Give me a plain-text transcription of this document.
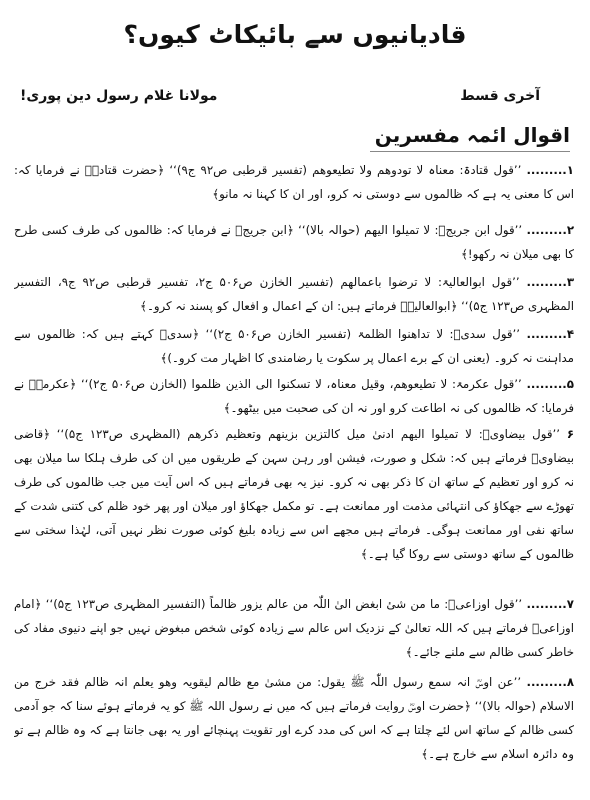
قادیانیوں سے بائیکاٹ کیوں؟
آخری قسط
مولانا غلام رسول دین پوری!
اقوال ائمہ مفسرین
۱......... ’’قول قتادۃ: معناہ لا تودوھم ولا تطیعوھم (تفسیر قرطبی ص۹۲ ج۹)‘‘ ﴿حضرت قتادہؒ نے فرمایا کہ: اس کا معنی یہ ہے کہ ظالموں سے دوستی نہ کرو، اور ان کا کہنا نہ مانو﴾
۲......... ’’قول ابن جریجؒ: لا تمیلوا الیھم (حوالہ بالا)‘‘ ﴿ابن جریجؒ نے فرمایا کہ: ظالموں کی طرف کسی طرح کا بھی میلان نہ رکھو!﴾
۳......... ’’قول ابوالعالیۃ: لا ترضوا باعمالھم (تفسیر الخازن ص۵۰۶ ج۲، تفسیر قرطبی ص۹۲ ج۹، التفسیر المظہری ص۱۲۳ ج۵)‘‘ ﴿ابوالعالیہؒ فرماتے ہیں: ان کے اعمال و افعال کو پسند نہ کرو۔﴾
۴......... ’’قول سدیؒ: لا تداھنوا الظلمۃ (تفسیر الخازن ص۵۰۶ ج۲)‘‘ ﴿سدیؒ کہتے ہیں کہ: ظالموں سے مداہنت نہ کرو۔ (یعنی ان کے برے اعمال پر سکوت یا رضامندی کا اظہار مت کرو۔)﴾
۵......... ’’قول عکرمۃ: لا تطیعوھم، وقیل معناہ، لا تسکنوا الی الذین ظلموا (الخازن ص۵۰۶ ج۲)‘‘ ﴿عکرمہؒ نے فرمایا: کہ ظالموں کی نہ اطاعت کرو اور نہ ان کی صحبت میں بیٹھو۔﴾
۶ ’’قول بیضاویؒ: لا تمیلوا الیھم ادنیٰ میل کالتزین بزینھم وتعظیم ذکرھم (المظہری ص۱۲۳ ج۵)‘‘ ﴿قاضی بیضاویؒ فرماتے ہیں کہ: شکل و صورت، فیشن اور رہن سہن کے طریقوں میں ان کی طرف ہلکا سا میلان بھی نہ کرو اور تعظیم کے ساتھ ان کا ذکر بھی نہ کرو۔ نیز یہ بھی فرماتے ہیں کہ اس آیت میں جب ظالموں کی طرف تھوڑے سے جھکاؤ کی انتہائی مذمت اور ممانعت ہے۔ تو مکمل جھکاؤ اور میلان اور پھر خود ظلم کی کتنی شدت کے ساتھ نفی اور ممانعت ہوگی۔ فرماتے ہیں مجھے اس سے زیادہ بلیغ کوئی صورت نظر نہیں آتی، لہٰذا سختی سے ظالموں کے ساتھ دوستی سے روکا گیا ہے۔﴾
۷......... ’’قول اوزاعیؒ: ما من شیٔ ابغض الیٰ اللّٰہ من عالم یزور ظالماً (التفسیر المظہری ص۱۲۳ ج۵)‘‘ ﴿امام اوزاعیؒ فرماتے ہیں کہ اللہ تعالیٰ کے نزدیک اس عالم سے زیادہ کوئی شخص مبغوض نہیں جو اپنے دنیوی مفاد کی خاطر کسی ظالم سے ملنے جائے۔﴾
۸......... ’’عن اوسؓ انہ سمع رسول اللّٰہ ﷺ یقول: من مشیٰ مع ظالم لیقویہ وھو یعلم انہ ظالم فقد خرج من الاسلام (حوالہ بالا)‘‘ ﴿حضرت اوسؓ روایت فرماتے ہیں کہ میں نے رسول اللہ ﷺ کو یہ فرماتے ہوئے سنا کہ جو آدمی کسی ظالم کے ساتھ اس لئے چلتا ہے کہ اس کی مدد کرے اور تقویت پہنچائے اور یہ بھی جانتا ہے کہ وہ ظالم ہے تو وہ دائرہ اسلام سے خارج ہے۔﴾
